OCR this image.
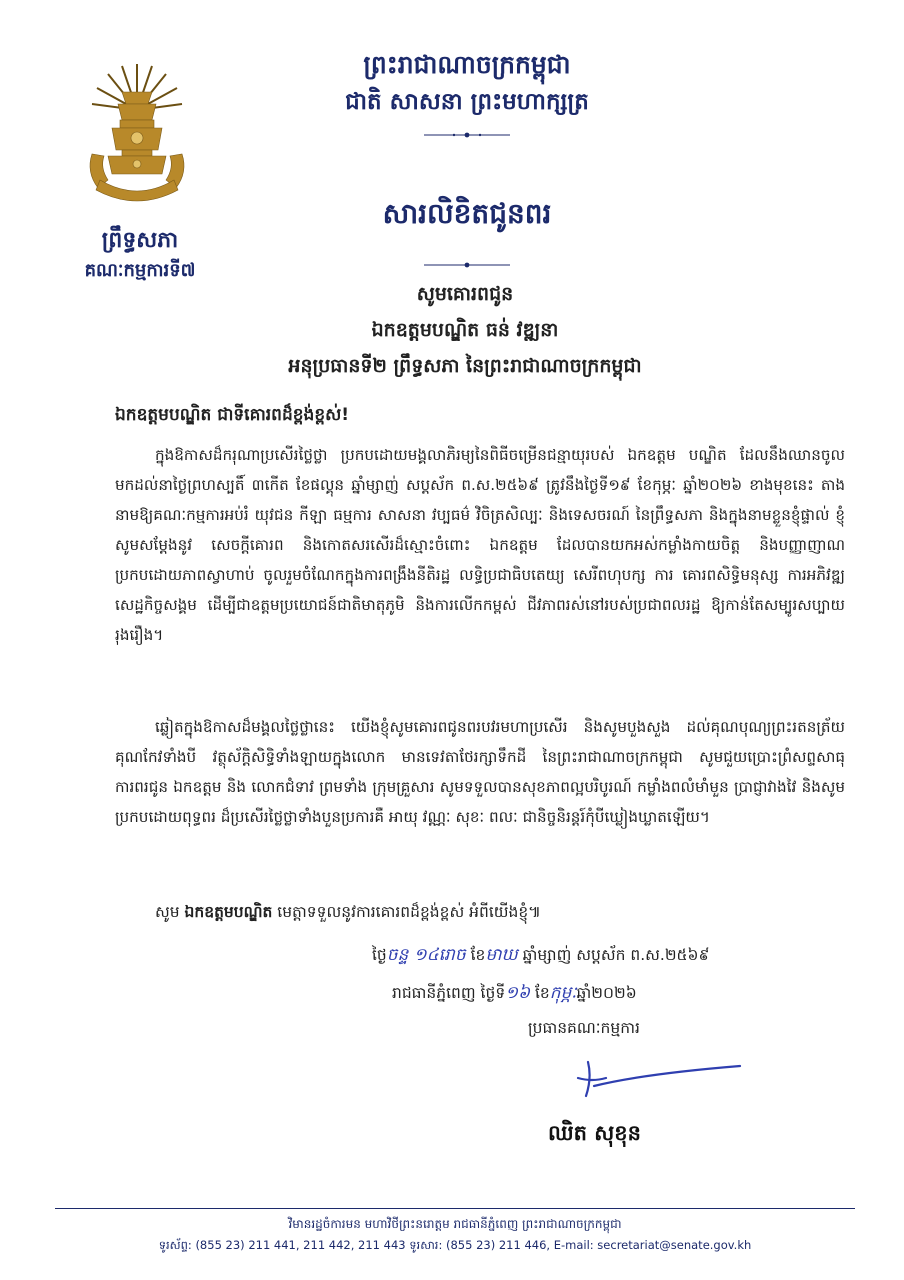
ព្រឹទ្ធសភា
គណៈកម្មការទី៧
ព្រះរាជាណាចក្រកម្ពុជា
ជាតិ សាសនា ព្រះមហាក្សត្រ
សារលិខិតជូនពរ
សូមគោរពជូន
ឯកឧត្តមបណ្ឌិត ធន់ វឌ្ឍនា
អនុប្រធានទី២ ព្រឹទ្ធសភា នៃព្រះរាជាណាចក្រកម្ពុជា
ឯកឧត្តមបណ្ឌិត ជាទីគោរពដ៏ខ្ពង់ខ្ពស់!
ក្នុងឱកាសដ៏ករុណាប្រសើរថ្លៃថ្លា ប្រកបដោយមង្គលាភិរម្យនៃពិធីចម្រើនជន្មាយុរបស់ ឯកឧត្តម បណ្ឌិត ដែលនឹងឈានចូលមកដល់នាថ្ងៃព្រហស្បតិ៍ ៣កើត ខែផល្គុន ឆ្នាំម្សាញ់ សប្តស័ក ព.ស.២៥៦៩ ត្រូវនឹងថ្ងៃទី១៩ ខែកុម្ភៈ ឆ្នាំ២០២៦ ខាងមុខនេះ តាងនាមឱ្យគណៈកម្មការអប់រំ យុវជន កីឡា ធម្មការ សាសនា វប្បធម៌ វិចិត្រសិល្បៈ និងទេសចរណ៍ នៃព្រឹទ្ធសភា និងក្នុងនាមខ្លួនខ្ញុំផ្ទាល់ ខ្ញុំសូមសម្តែងនូវ សេចក្តីគោរព និងកោតសរសើរដ៏ស្មោះចំពោះ ឯកឧត្តម ដែលបានយកអស់កម្លាំងកាយចិត្ត និងបញ្ញាញាណ ប្រកបដោយភាពស្វាហាប់ ចូលរួមចំណែកក្នុងការពង្រឹងនីតិរដ្ឋ លទ្ធិប្រជាធិបតេយ្យ សេរីពហុបក្ស ការ គោរពសិទ្ធិមនុស្ស ការអភិវឌ្ឍសេដ្ឋកិច្ចសង្គម ដើម្បីជាឧត្តមប្រយោជន៍ជាតិមាតុភូមិ និងការលើកកម្ពស់ ជីវភាពរស់នៅរបស់ប្រជាពលរដ្ឋ ឱ្យកាន់តែសម្បូរសប្បាយរុងរឿង។
ឆ្លៀតក្នុងឱកាសដ៏មង្គលថ្លៃថ្លានេះ យើងខ្ញុំសូមគោរពជូនពរបវរមហាប្រសើរ និងសូមបួងសួង ដល់គុណបុណ្យព្រះរតនត្រ័យ គុណកែវទាំងបី វត្ថុស័ក្តិសិទ្ធិទាំងឡាយក្នុងលោក មានទេវតាថែរក្សាទឹកដី នៃព្រះរាជាណាចក្រកម្ពុជា សូមជួយប្រោះព្រំសព្ទសាធុការពរជូន ឯកឧត្តម និង លោកជំទាវ ព្រមទាំង ក្រុមគ្រួសារ សូមទទួលបានសុខភាពល្អបរិបូរណ៍ កម្លាំងពលំមាំមួន ប្រាជ្ញាវាងវៃ និងសូមប្រកបដោយពុទ្ធពរ ដ៏ប្រសើរថ្លៃថ្លាទាំងបួនប្រការគឺ អាយុ វណ្ណៈ សុខៈ ពលៈ ជានិច្ចនិរន្តរ៍កុំបីឃ្លៀងឃ្លាតឡើយ។
សូម ឯកឧត្តមបណ្ឌិត មេត្តាទទួលនូវការគោរពដ៏ខ្ពង់ខ្ពស់ អំពីយើងខ្ញុំ៕
ថ្ងៃចន្ទ ១៤រោច ខែមាឃ ឆ្នាំម្សាញ់ សប្តស័ក ព.ស.២៥៦៩
រាជធានីភ្នំពេញ ថ្ងៃទី១៦ ខែកុម្ភៈឆ្នាំ២០២៦
ប្រធានគណៈកម្មការ
ឈិត សុខុន
វិមានរដ្ឋចំការមន មហាវិថីព្រះនរោត្តម រាជធានីភ្នំពេញ ព្រះរាជាណាចក្រកម្ពុជា
ទូរស័ព្ទ: (855 23) 211 441, 211 442, 211 443 ទូរសារ: (855 23) 211 446, E-mail: secretariat@senate.gov.kh
